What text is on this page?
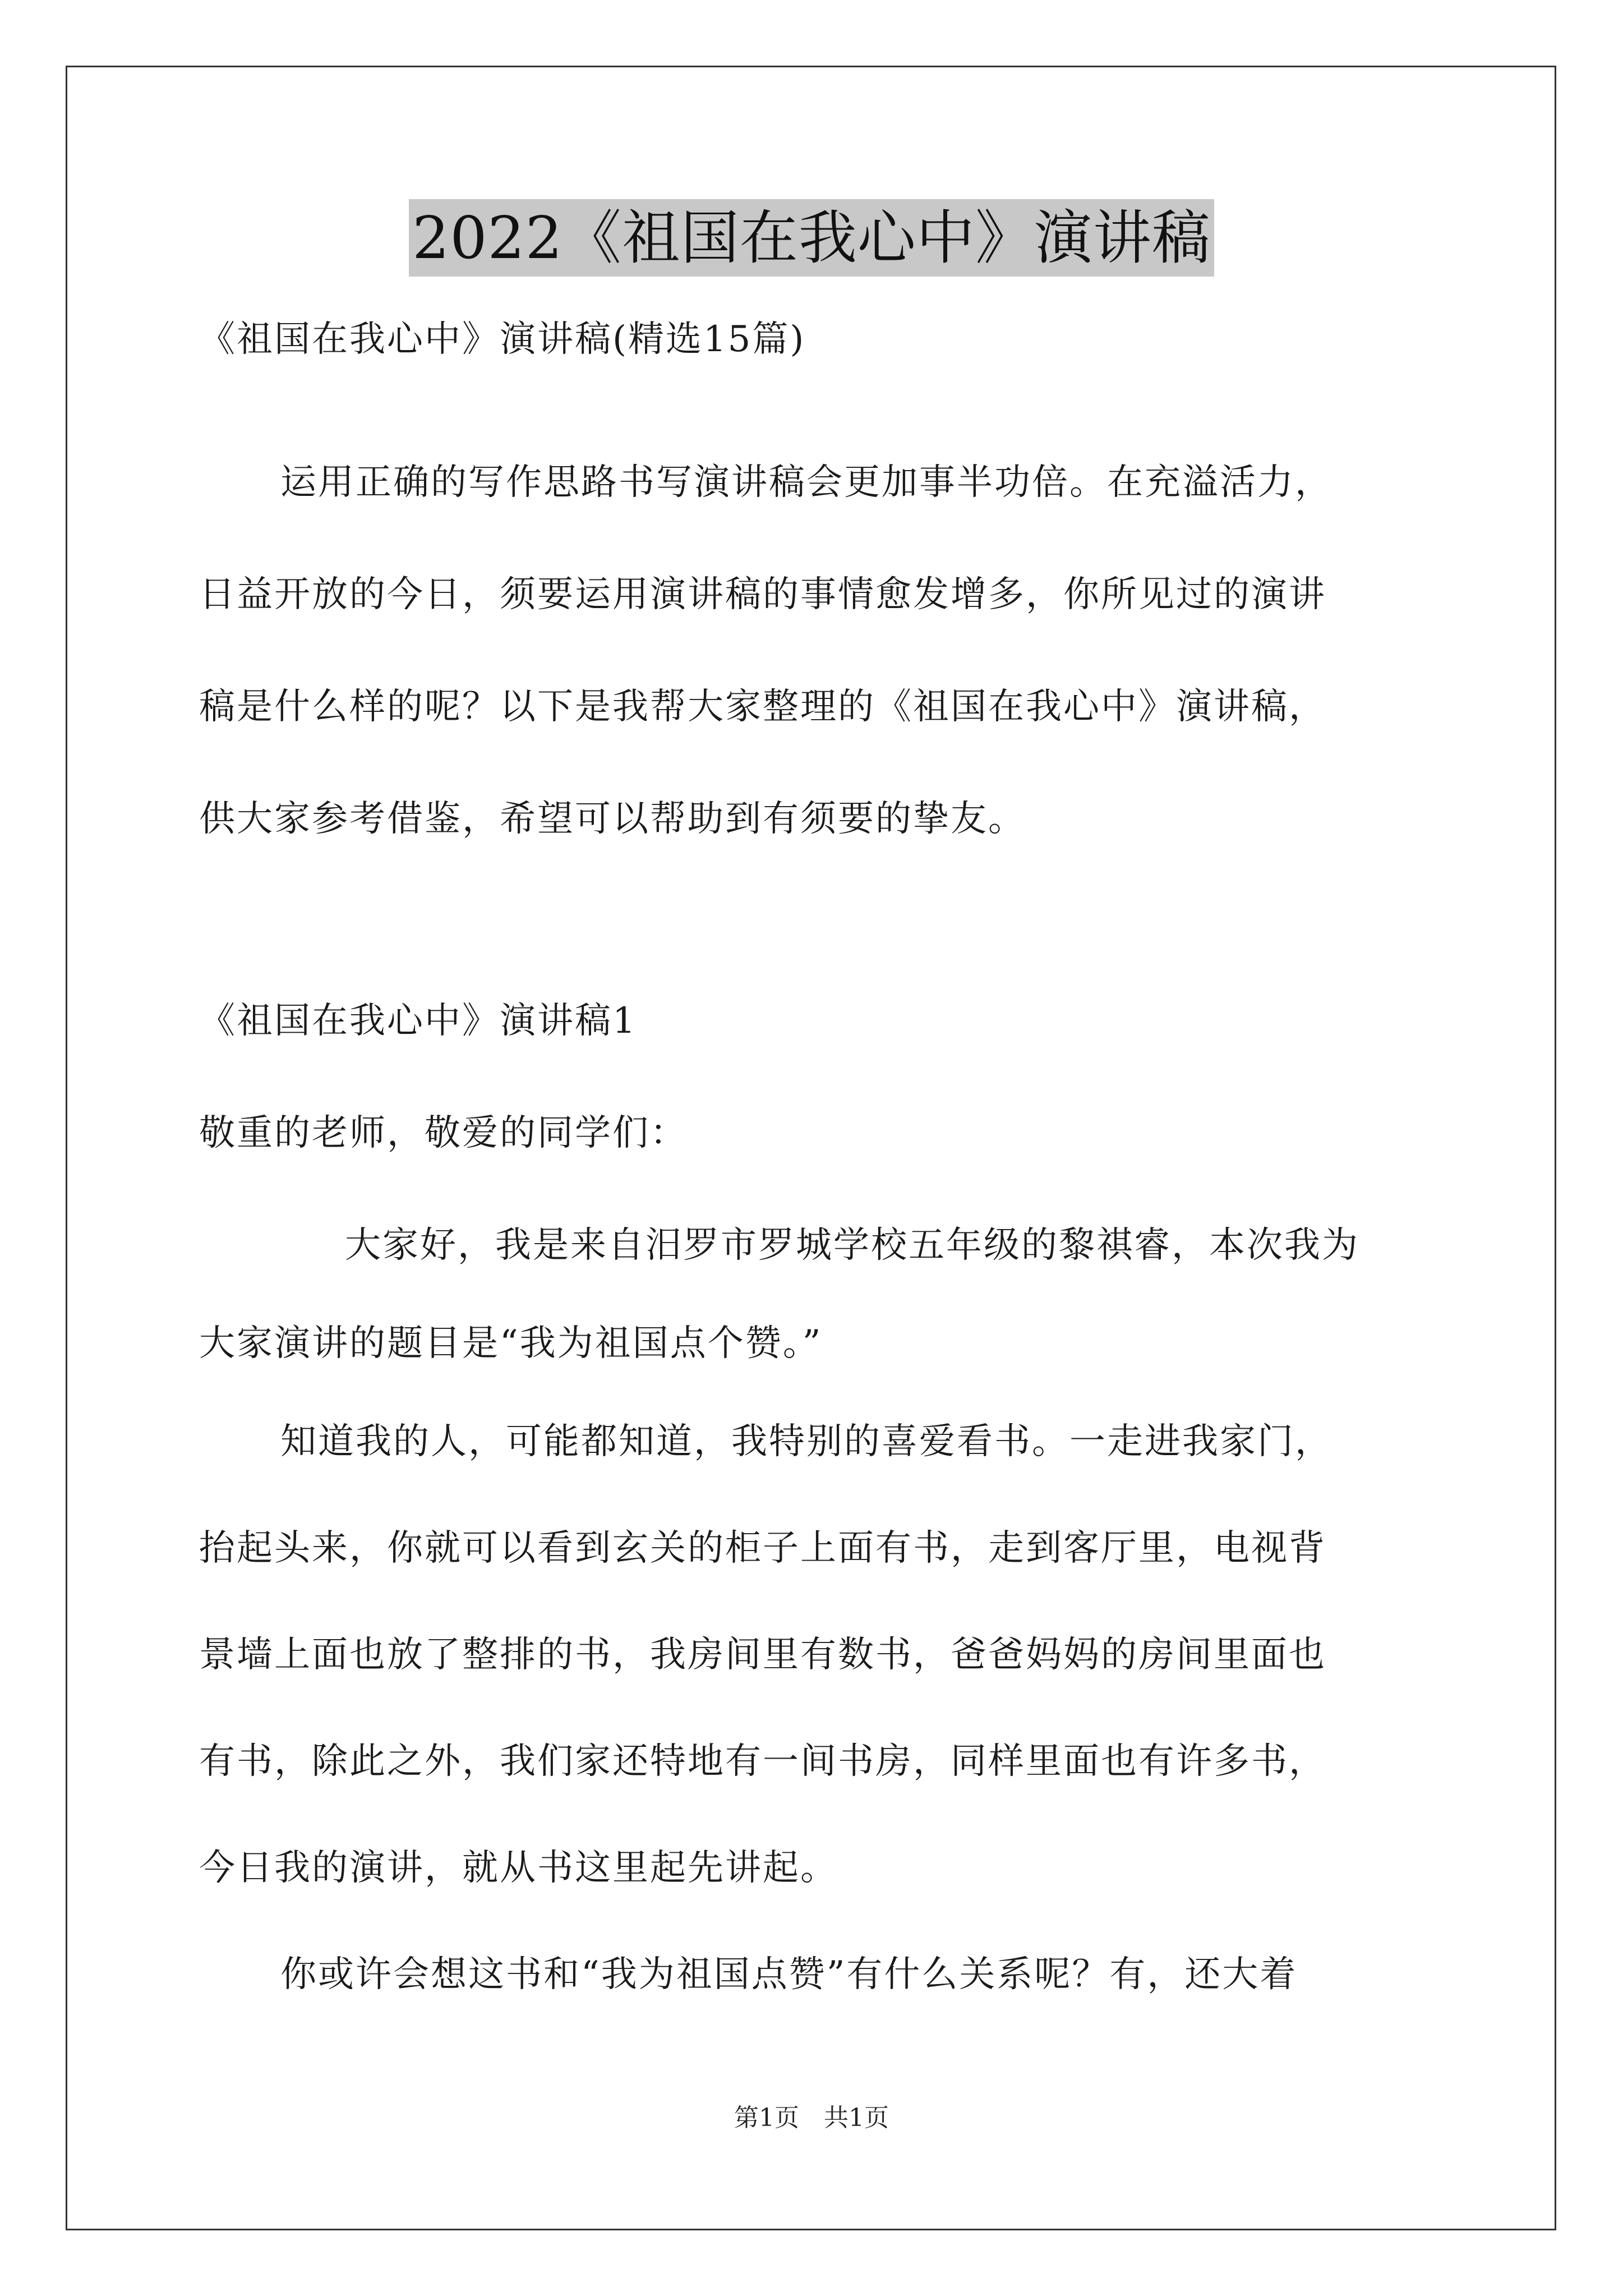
2022《祖国在我心中》演讲稿
《祖国在我心中》演讲稿(精选15篇)
运用正确的写作思路书写演讲稿会更加事半功倍。在充溢活力，
日益开放的今日，须要运用演讲稿的事情愈发增多，你所见过的演讲
稿是什么样的呢？以下是我帮大家整理的《祖国在我心中》演讲稿，
供大家参考借鉴，希望可以帮助到有须要的挚友。
《祖国在我心中》演讲稿1
敬重的老师，敬爱的同学们：
大家好，我是来自汨罗市罗城学校五年级的黎祺睿，本次我为
大家演讲的题目是“我为祖国点个赞。”
知道我的人，可能都知道，我特别的喜爱看书。一走进我家门，
抬起头来，你就可以看到玄关的柜子上面有书，走到客厅里，电视背
景墙上面也放了整排的书，我房间里有数书，爸爸妈妈的房间里面也
有书，除此之外，我们家还特地有一间书房，同样里面也有许多书，
今日我的演讲，就从书这里起先讲起。
你或许会想这书和“我为祖国点赞”有什么关系呢？有，还大着
第1页　共1页
